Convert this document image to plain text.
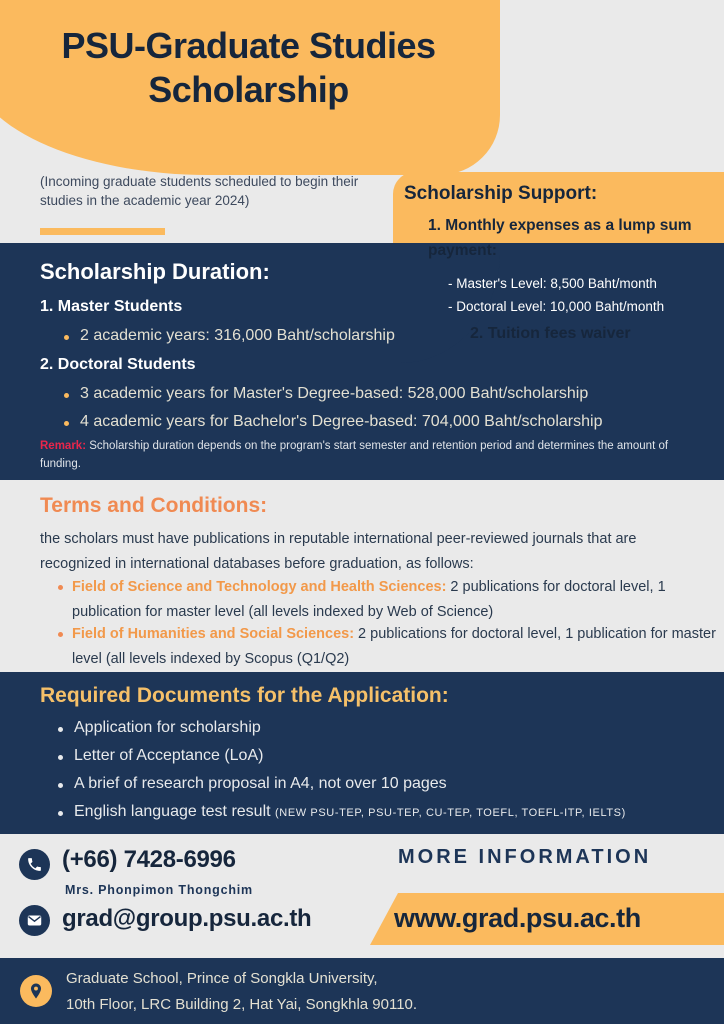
PSU-Graduate Studies
Scholarship
(Incoming graduate students scheduled to begin their studies in the academic year 2024)	Scholarship Support:
1. Monthly expenses as a lump sum payment:
- Master's Level: 8,500 Baht/month
- Doctoral Level: 10,000 Baht/month
2. Tuition fees waiver
Scholarship Duration:
1. Master Students
2 academic years: 316,000 Baht/scholarship
2. Doctoral Students
3 academic years for Master's Degree-based: 528,000 Baht/scholarship
4 academic years for Bachelor's Degree-based: 704,000 Baht/scholarship
Remark: Scholarship duration depends on the program's start semester and retention period and determines the amount of funding.
Terms and Conditions:
the scholars must have publications in reputable international peer-reviewed journals that are recognized in international databases before graduation, as follows:
Field of Science and Technology and Health Sciences: 2 publications for doctoral level, 1 publication for master level (all levels indexed by Web of Science)
Field of Humanities and Social Sciences: 2 publications for doctoral level, 1 publication for master level (all levels indexed by Scopus (Q1/Q2)
Required Documents for the Application:
Application for scholarship
Letter of Acceptance (LoA)
A brief of research proposal in A4, not over 10 pages
English language test result (NEW PSU-TEP, PSU-TEP, CU-TEP, TOEFL, TOEFL-ITP, IELTS)
(+66) 7428-6996
Mrs. Phonpimon Thongchim
grad@group.psu.ac.th
MORE INFORMATION
www.grad.psu.ac.th
Graduate School, Prince of Songkla University,
10th Floor, LRC Building 2, Hat Yai, Songkhla 90110.
